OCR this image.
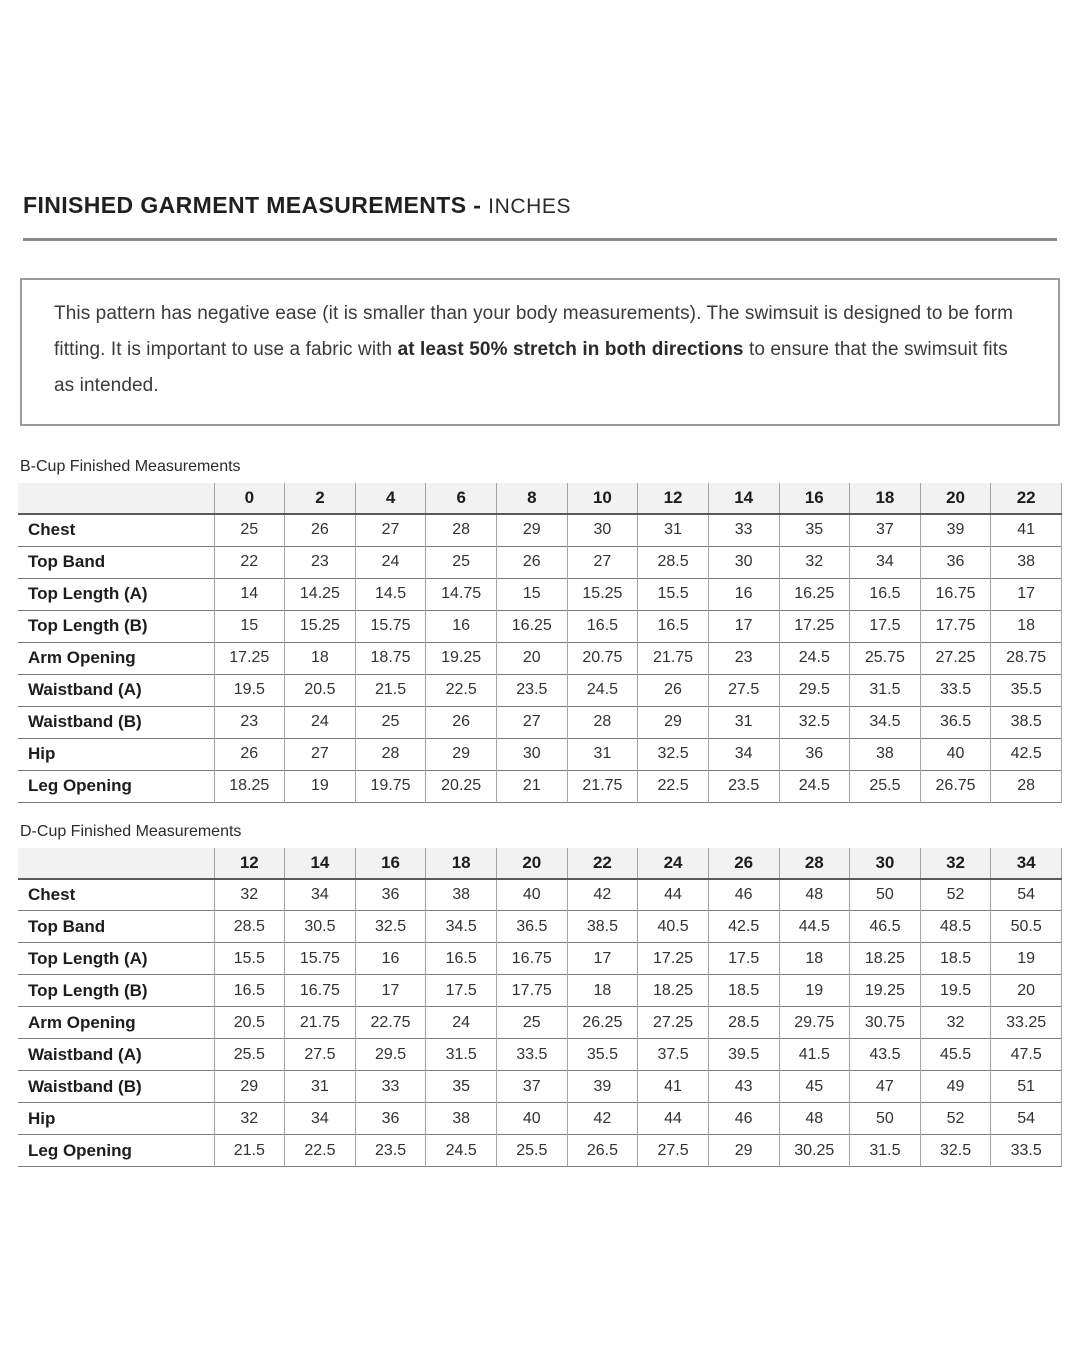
FINISHED GARMENT MEASUREMENTS - INCHES

This pattern has negative ease (it is smaller than your body measurements). The swimsuit is designed to be form fitting. It is important to use a fabric with at least 50% stretch in both directions to ensure that the swimsuit fits as intended.

B-Cup Finished Measurements
	0	2	4	6	8	10	12	14	16	18	20	22
Chest	25	26	27	28	29	30	31	33	35	37	39	41
Top Band	22	23	24	25	26	27	28.5	30	32	34	36	38
Top Length (A)	14	14.25	14.5	14.75	15	15.25	15.5	16	16.25	16.5	16.75	17
Top Length (B)	15	15.25	15.75	16	16.25	16.5	16.5	17	17.25	17.5	17.75	18
Arm Opening	17.25	18	18.75	19.25	20	20.75	21.75	23	24.5	25.75	27.25	28.75
Waistband (A)	19.5	20.5	21.5	22.5	23.5	24.5	26	27.5	29.5	31.5	33.5	35.5
Waistband (B)	23	24	25	26	27	28	29	31	32.5	34.5	36.5	38.5
Hip	26	27	28	29	30	31	32.5	34	36	38	40	42.5
Leg Opening	18.25	19	19.75	20.25	21	21.75	22.5	23.5	24.5	25.5	26.75	28
D-Cup Finished Measurements
	12	14	16	18	20	22	24	26	28	30	32	34
Chest	32	34	36	38	40	42	44	46	48	50	52	54
Top Band	28.5	30.5	32.5	34.5	36.5	38.5	40.5	42.5	44.5	46.5	48.5	50.5
Top Length (A)	15.5	15.75	16	16.5	16.75	17	17.25	17.5	18	18.25	18.5	19
Top Length (B)	16.5	16.75	17	17.5	17.75	18	18.25	18.5	19	19.25	19.5	20
Arm Opening	20.5	21.75	22.75	24	25	26.25	27.25	28.5	29.75	30.75	32	33.25
Waistband (A)	25.5	27.5	29.5	31.5	33.5	35.5	37.5	39.5	41.5	43.5	45.5	47.5
Waistband (B)	29	31	33	35	37	39	41	43	45	47	49	51
Hip	32	34	36	38	40	42	44	46	48	50	52	54
Leg Opening	21.5	22.5	23.5	24.5	25.5	26.5	27.5	29	30.25	31.5	32.5	33.5
